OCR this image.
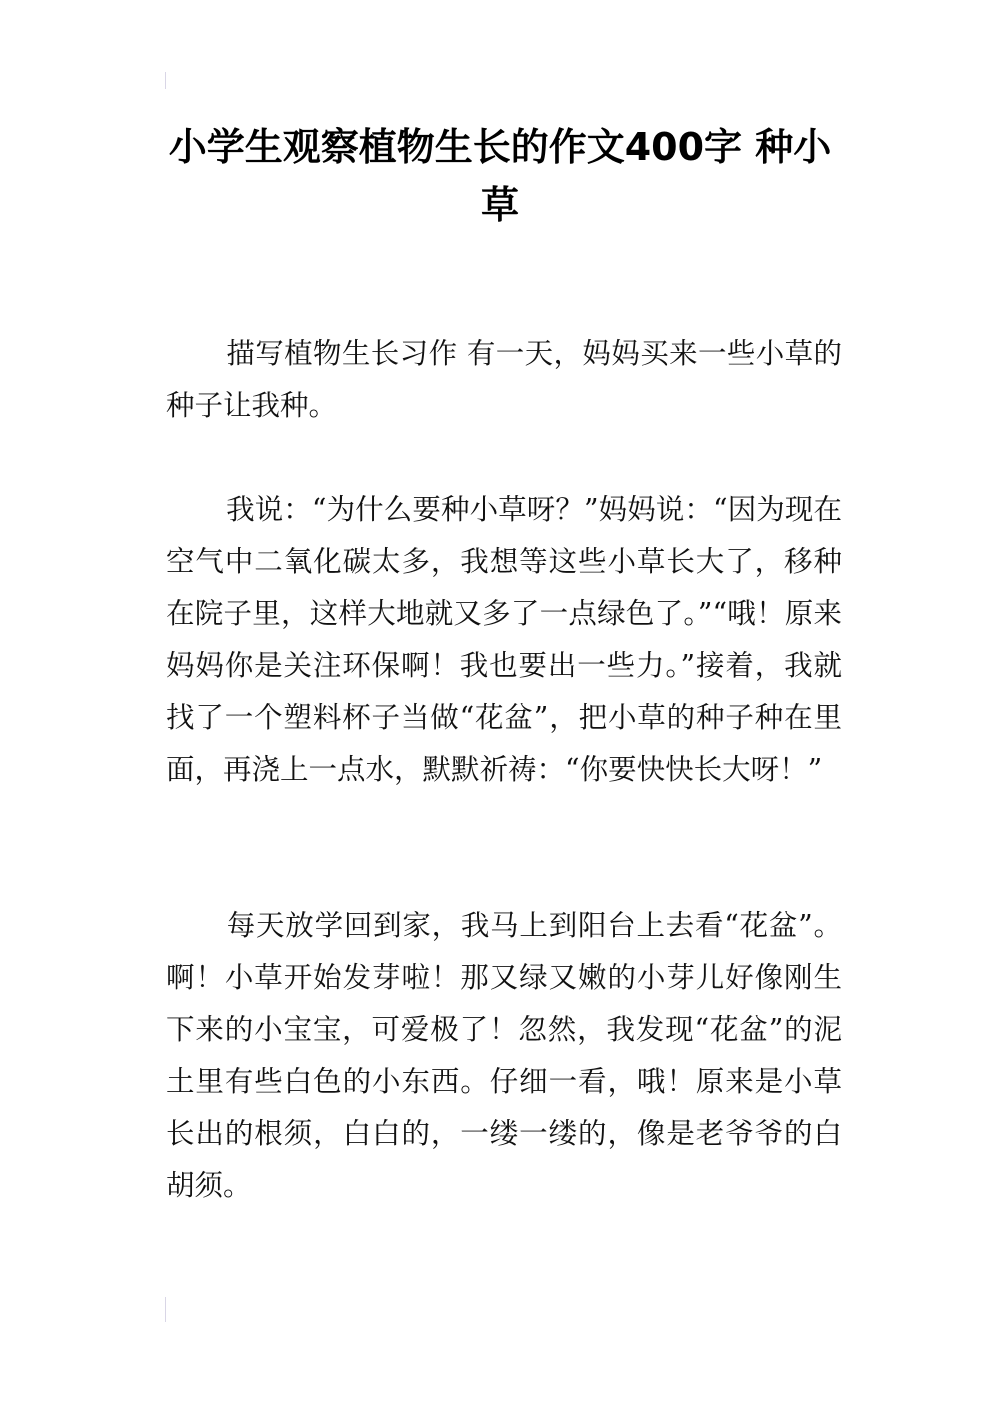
小学生观察植物生长的作文400字 种小草

描写植物生长习作 有一天，妈妈买来一些小草的种子让我种。

我说：“为什么要种小草呀？”妈妈说：“因为现在空气中二氧化碳太多，我想等这些小草长大了，移种在院子里，这样大地就又多了一点绿色了。”“哦！原来妈妈你是关注环保啊！我也要出一些力。”接着，我就找了一个塑料杯子当做“花盆”，把小草的种子种在里面，再浇上一点水，默默祈祷：“你要快快长大呀！”

每天放学回到家，我马上到阳台上去看“花盆”。啊！小草开始发芽啦！那又绿又嫩的小芽儿好像刚生下来的小宝宝，可爱极了！忽然，我发现“花盆”的泥土里有些白色的小东西。仔细一看，哦！原来是小草长出的根须，白白的，一缕一缕的，像是老爷爷的白胡须。
